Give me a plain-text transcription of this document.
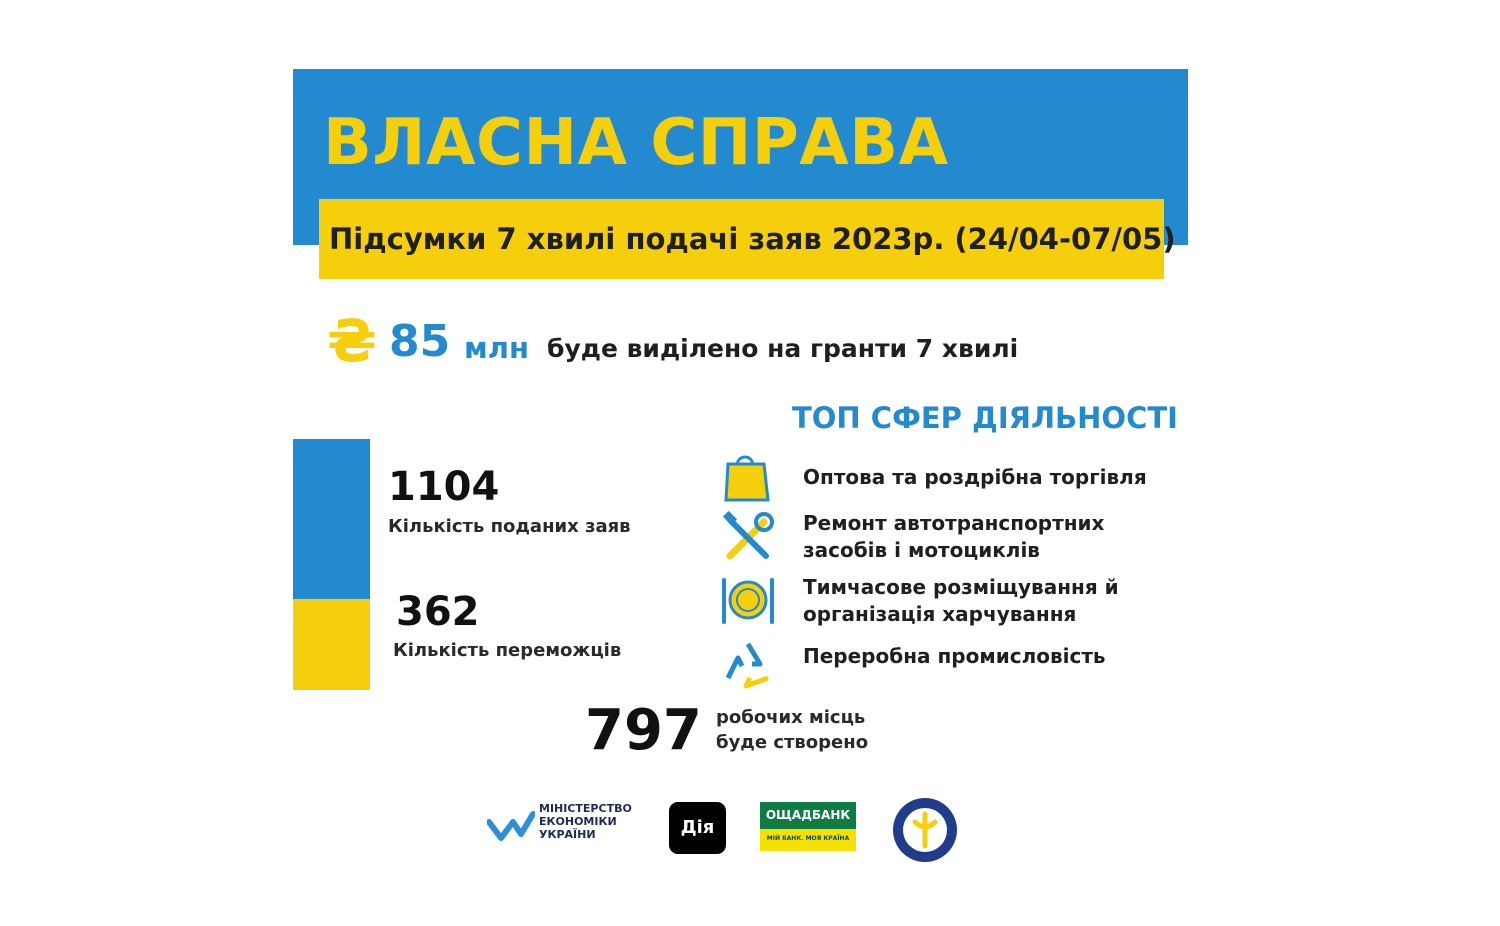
ВЛАСНА СПРАВА
Підсумки 7 хвилі подачі заяв 2023р. (24/04-07/05)
₴ 85 млн буде виділено на гранти 7 хвилі
1104
Кількість поданих заяв
362
Кількість переможців
ТОП СФЕР ДІЯЛЬНОСТІ
Оптова та роздрібна торгівля
Ремонт автотранспортних засобів і мотоциклів
Тимчасове розміщування й організація харчування
Переробна промисловість
797 робочих місць буде створено
МІНІСТЕРСТВО ЕКОНОМІКИ УКРАЇНИ	Дія
ОЩАДБАНК
МІЙ БАНК. МОЯ КРАЇНА
